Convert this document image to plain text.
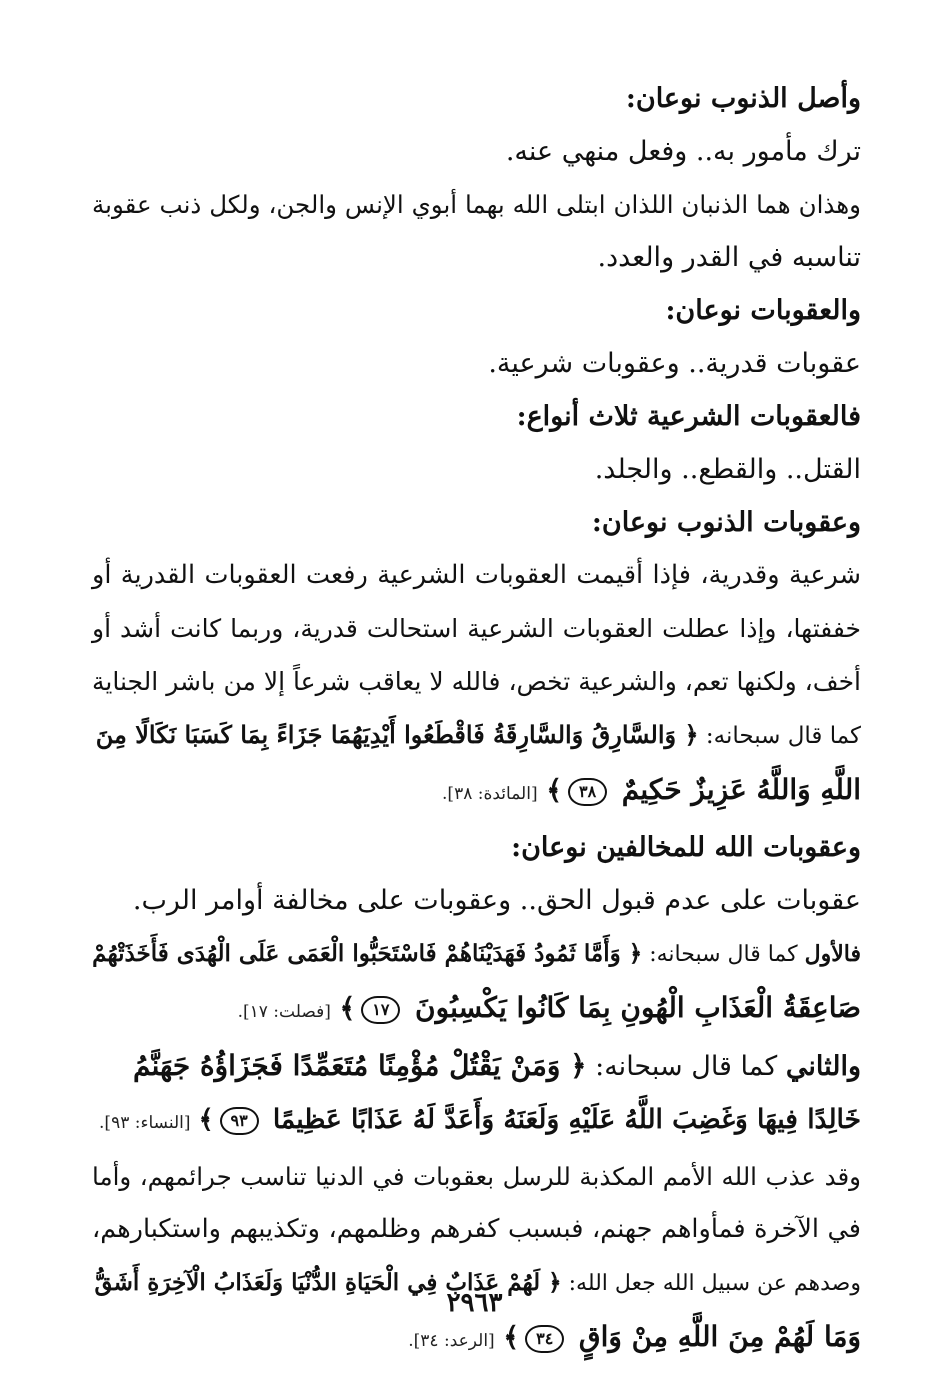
وأصل الذنوب نوعان:
ترك مأمور به.. وفعل منهي عنه.
وهذان هما الذنبان اللذان ابتلى الله بهما أبوي الإنس والجن، ولكل ذنب عقوبة
تناسبه في القدر والعدد.
والعقوبات نوعان:
عقوبات قدرية.. وعقوبات شرعية.
فالعقوبات الشرعية ثلاث أنواع:
القتل.. والقطع.. والجلد.
وعقوبات الذنوب نوعان:
شرعية وقدرية، فإذا أقيمت العقوبات الشرعية رفعت العقوبات القدرية أو
خففتها، وإذا عطلت العقوبات الشرعية استحالت قدرية، وربما كانت أشد أو
أخف، ولكنها تعم، والشرعية تخص، فالله لا يعاقب شرعاً إلا من باشر الجناية
كما قال سبحانه: ﴿ وَالسَّارِقُ وَالسَّارِقَةُ فَاقْطَعُوا أَيْدِيَهُمَا جَزَاءً بِمَا كَسَبَا نَكَالًا مِنَ
اللَّهِ وَاللَّهُ عَزِيزٌ حَكِيمٌ ٣٨﴾ [المائدة: ٣٨].
وعقوبات الله للمخالفين نوعان:
عقوبات على عدم قبول الحق.. وعقوبات على مخالفة أوامر الرب.
فالأول كما قال سبحانه: ﴿ وَأَمَّا ثَمُودُ فَهَدَيْنَاهُمْ فَاسْتَحَبُّوا الْعَمَى عَلَى الْهُدَى فَأَخَذَتْهُمْ
صَاعِقَةُ الْعَذَابِ الْهُونِ بِمَا كَانُوا يَكْسِبُونَ ١٧﴾ [فصلت: ١٧].
والثاني كما قال سبحانه: ﴿ وَمَنْ يَقْتُلْ مُؤْمِنًا مُتَعَمِّدًا فَجَزَاؤُهُ جَهَنَّمُ
خَالِدًا فِيهَا وَغَضِبَ اللَّهُ عَلَيْهِ وَلَعَنَهُ وَأَعَدَّ لَهُ عَذَابًا عَظِيمًا ٩٣﴾ [النساء: ٩٣].
وقد عذب الله الأمم المكذبة للرسل بعقوبات في الدنيا تناسب جرائمهم، وأما
في الآخرة فمأواهم جهنم، فبسبب كفرهم وظلمهم، وتكذيبهم واستكبارهم،
وصدهم عن سبيل الله جعل الله: ﴿ لَهُمْ عَذَابٌ فِي الْحَيَاةِ الدُّنْيَا وَلَعَذَابُ الْآخِرَةِ أَشَقُّ
وَمَا لَهُمْ مِنَ اللَّهِ مِنْ وَاقٍ ٣٤﴾ [الرعد: ٣٤].
٢٩٦٣
